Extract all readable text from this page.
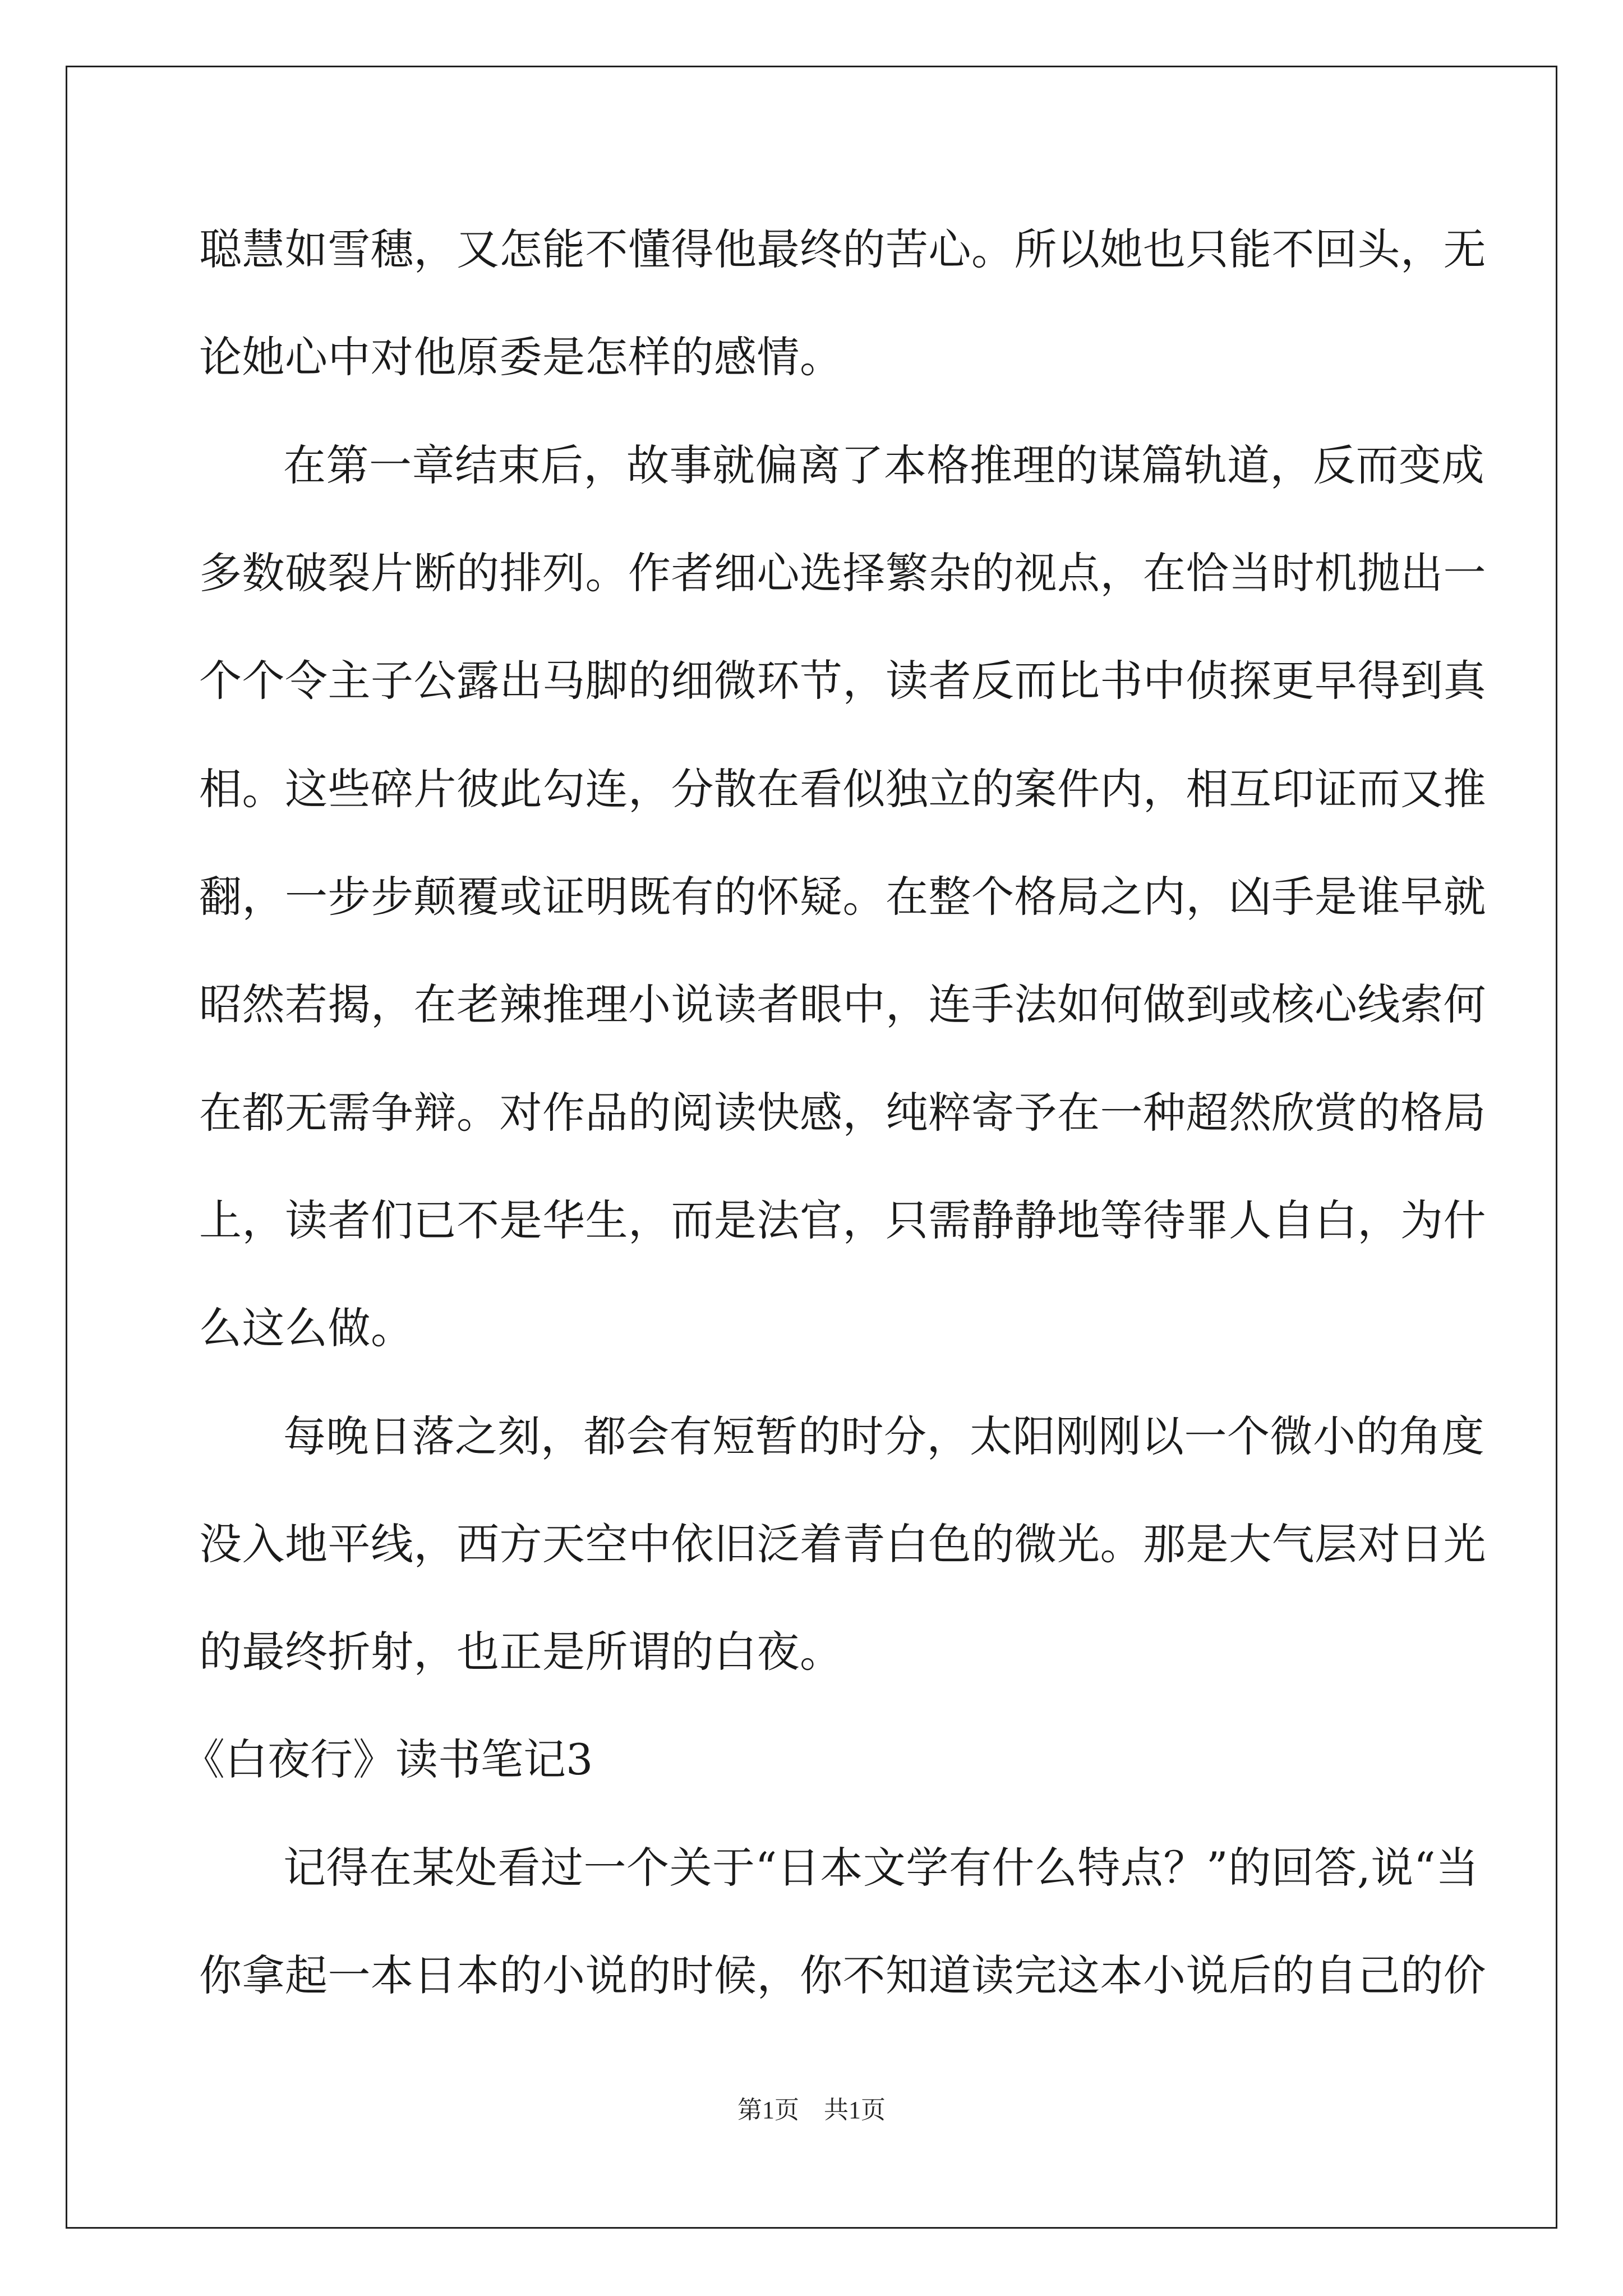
聪慧如雪穗，又怎能不懂得他最终的苦心。所以她也只能不回头，无
论她心中对他原委是怎样的感情。
在第一章结束后，故事就偏离了本格推理的谋篇轨道，反而变成
多数破裂片断的排列。作者细心选择繁杂的视点，在恰当时机抛出一
个个令主子公露出马脚的细微环节，读者反而比书中侦探更早得到真
相。这些碎片彼此勾连，分散在看似独立的案件内，相互印证而又推
翻，一步步颠覆或证明既有的怀疑。在整个格局之内，凶手是谁早就
昭然若揭，在老辣推理小说读者眼中，连手法如何做到或核心线索何
在都无需争辩。对作品的阅读快感，纯粹寄予在一种超然欣赏的格局
上，读者们已不是华生，而是法官，只需静静地等待罪人自白，为什
么这么做。
每晚日落之刻，都会有短暂的时分，太阳刚刚以一个微小的角度
没入地平线，西方天空中依旧泛着青白色的微光。那是大气层对日光
的最终折射，也正是所谓的白夜。
《白夜行》读书笔记3
记得在某处看过一个关于“日本文学有什么特点？”的回答,说“当
你拿起一本日本的小说的时候，你不知道读完这本小说后的自己的价
第1页　共1页
